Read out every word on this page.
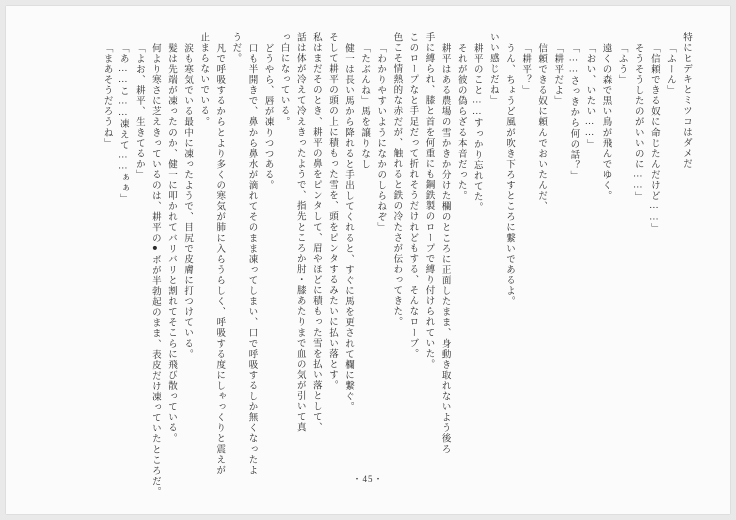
特にヒデキとミツコはダメだ
「ふーん」
「信頼できる奴に命じたんだけど……」
そうそうしたのがいいのに……」
「ふう」
遠くの森で黒い鳥が飛んでゆく。
「おい、いたい……」
「……さっきから何の話？」
「耕平だよ」
信頼できる奴に頼んでおいたんだ、
「耕平？」
うん、ちょうど風が吹き下ろすところに繋いであるよ。
いい感じだね」
耕平のこと……すっかり忘れてた。
それが彼の偽らざる本音だった。
耕平はある農場の雪かきか分けた欄のところに正面したまま、身動き取れないよう後ろ
手に縛られ、膝と首を何重にも鋼鉄製のロープで縛り付けられていた。
このロープなと手足だって折れそうだけれどもする、そんなローブ。
色こそ情熱的な赤だが、触れると鉄の冷たさが伝わってきた。
「わかりやすいようになかのしらねぞ」
「たぶんね」馬を譲りなし
健一は長い馬から降れると手出してくれると、すぐに馬を更されて欄に繋ぐ。
そして耕平の頭の上に積もった雪を、頭をピンタするみたいに払い落とす。
私はまだそのとき、耕平の鼻をピンタして、眉やほどに積もった雪を払い落として、
話は体が冷えて冷えきったようで、指先ところか肘・膝あたりまで血の気が引いて真
っ白になっている。
どうやら、唇が凍りつつある。
口も半開きで、鼻から鼻水が滴れてそのまま凍ってしまい、口で呼吸するしか無くなったよ
うだ。
凡で呼吸するからとより多くの寒気が肺に入らうらしく、呼吸する度にしゃっくりと震えが
止まらないでいる。
涙も寒気でいる最中に凍ったようで、目尻で皮膚に打つけている。
髪は先端が凍ったのか、健一に叩かれてバリバリと割れてそこらに飛び散っている。
何より寒さに芝えきっているのは、耕平の●ボが半勃起のまま、表皮だけ凍っていたところだ。
「よお、耕平、生きてるか」
「あ……こ……凍えて……ぁぁ」
「まあそうだろうね」
・45・
